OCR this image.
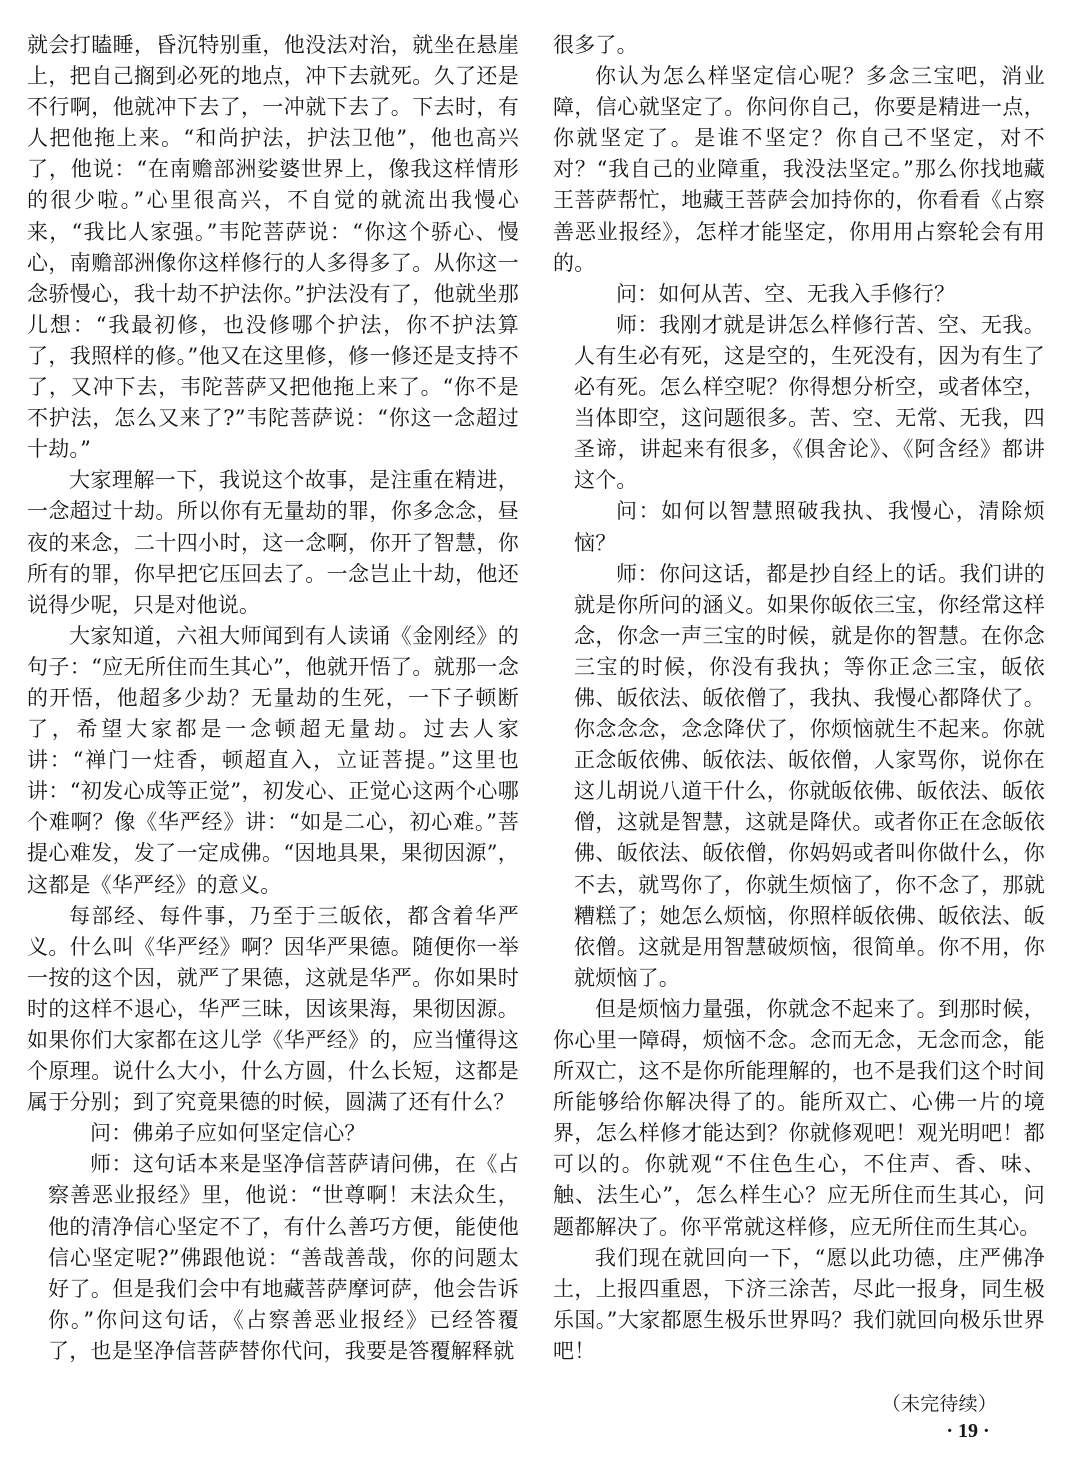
就会打瞌睡，昏沉特别重，他没法对治，就坐在悬崖上，把自己搁到必死的地点，冲下去就死。久了还是不行啊，他就冲下去了，一冲就下去了。下去时，有人把他拖上来。“和尚护法，护法卫他”，他也高兴了，他说：“在南赡部洲娑婆世界上，像我这样情形的很少啦。”心里很高兴，不自觉的就流出我慢心来，“我比人家强。”韦陀菩萨说：“你这个骄心、慢心，南赡部洲像你这样修行的人多得多了。从你这一念骄慢心，我十劫不护法你。”护法没有了，他就坐那儿想：“我最初修，也没修哪个护法，你不护法算了，我照样的修。”他又在这里修，修一修还是支持不了，又冲下去，韦陀菩萨又把他拖上来了。“你不是不护法，怎么又来了?”韦陀菩萨说：“你这一念超过十劫。”

大家理解一下，我说这个故事，是注重在精进，一念超过十劫。所以你有无量劫的罪，你多念念，昼夜的来念，二十四小时，这一念啊，你开了智慧，你所有的罪，你早把它压回去了。一念岂止十劫，他还说得少呢，只是对他说。

大家知道，六祖大师闻到有人读诵《金刚经》的句子：“应无所住而生其心”，他就开悟了。就那一念的开悟，他超多少劫？无量劫的生死，一下子顿断了，希望大家都是一念顿超无量劫。过去人家讲：“禅门一炷香，顿超直入，立证菩提。”这里也讲：“初发心成等正觉”，初发心、正觉心这两个心哪个难啊？像《华严经》讲：“如是二心，初心难。”菩提心难发，发了一定成佛。“因地具果，果彻因源”，这都是《华严经》的意义。

每部经、每件事，乃至于三皈依，都含着华严义。什么叫《华严经》啊？因华严果德。随便你一举一按的这个因，就严了果德，这就是华严。你如果时时的这样不退心，华严三昧，因该果海，果彻因源。如果你们大家都在这儿学《华严经》的，应当懂得这个原理。说什么大小，什么方圆，什么长短，这都是属于分别；到了究竟果德的时候，圆满了还有什么？

问：佛弟子应如何坚定信心？

师：这句话本来是坚净信菩萨请问佛，在《占察善恶业报经》里，他说：“世尊啊！末法众生，他的清净信心坚定不了，有什么善巧方便，能使他信心坚定呢?”佛跟他说：“善哉善哉，你的问题太好了。但是我们会中有地藏菩萨摩诃萨，他会告诉你。”你问这句话，《占察善恶业报经》已经答覆了，也是坚净信菩萨替你代问，我要是答覆解释就

很多了。

你认为怎么样坚定信心呢？多念三宝吧，消业障，信心就坚定了。你问你自己，你要是精进一点，你就坚定了。是谁不坚定？你自己不坚定，对不对？“我自己的业障重，我没法坚定。”那么你找地藏王菩萨帮忙，地藏王菩萨会加持你的，你看看《占察善恶业报经》，怎样才能坚定，你用用占察轮会有用的。

问：如何从苦、空、无我入手修行？

师：我刚才就是讲怎么样修行苦、空、无我。人有生必有死，这是空的，生死没有，因为有生了必有死。怎么样空呢？你得想分析空，或者体空，当体即空，这问题很多。苦、空、无常、无我，四圣谛，讲起来有很多，《俱舍论》、《阿含经》都讲这个。

问：如何以智慧照破我执、我慢心，清除烦恼？

师：你问这话，都是抄自经上的话。我们讲的就是你所问的涵义。如果你皈依三宝，你经常这样念，你念一声三宝的时候，就是你的智慧。在你念三宝的时候，你没有我执；等你正念三宝，皈依佛、皈依法、皈依僧了，我执、我慢心都降伏了。你念念念，念念降伏了，你烦恼就生不起来。你就正念皈依佛、皈依法、皈依僧，人家骂你，说你在这儿胡说八道干什么，你就皈依佛、皈依法、皈依僧，这就是智慧，这就是降伏。或者你正在念皈依佛、皈依法、皈依僧，你妈妈或者叫你做什么，你不去，就骂你了，你就生烦恼了，你不念了，那就糟糕了；她怎么烦恼，你照样皈依佛、皈依法、皈依僧。这就是用智慧破烦恼，很简单。你不用，你就烦恼了。

但是烦恼力量强，你就念不起来了。到那时候，你心里一障碍，烦恼不念。念而无念，无念而念，能所双亡，这不是你所能理解的，也不是我们这个时间所能够给你解决得了的。能所双亡、心佛一片的境界，怎么样修才能达到？你就修观吧！观光明吧！都可以的。你就观“不住色生心，不住声、香、味、触、法生心”，怎么样生心？应无所住而生其心，问题都解决了。你平常就这样修，应无所住而生其心。

我们现在就回向一下，“愿以此功德，庄严佛净土，上报四重恩，下济三涂苦，尽此一报身，同生极乐国。”大家都愿生极乐世界吗？我们就回向极乐世界吧！

（未完待续）
· 19 ·
